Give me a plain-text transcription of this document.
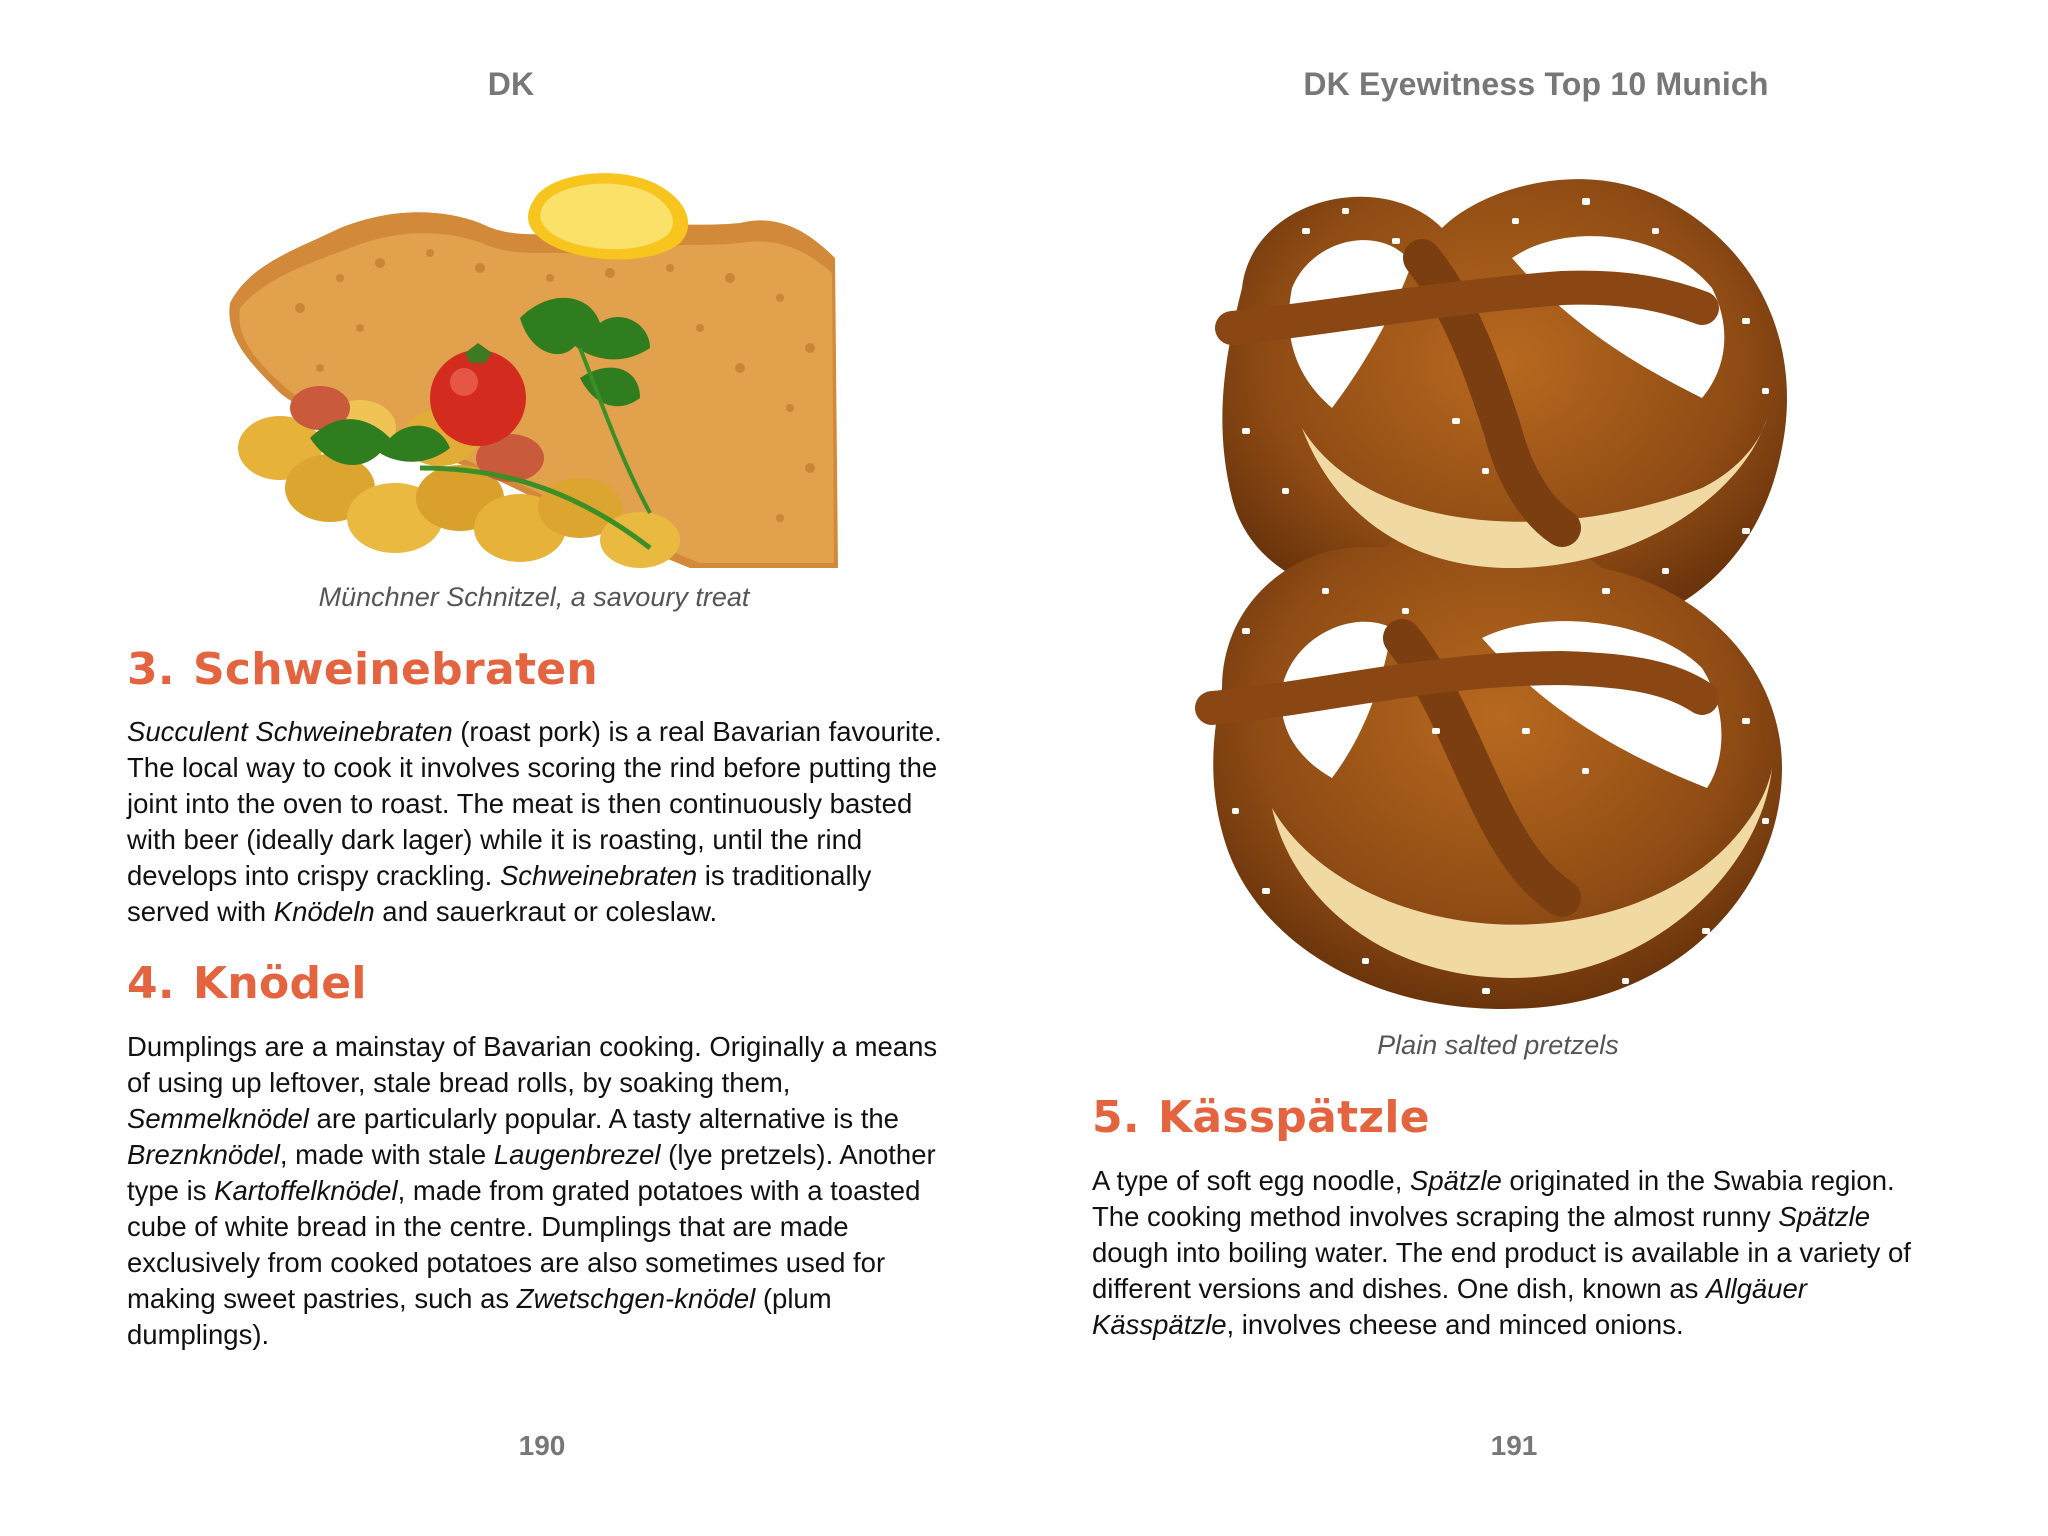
DK
Münchner Schnitzel, a savoury treat
3. Schweinebraten
Succulent Schweinebraten (roast pork) is a real Bavarian favourite.
The local way to cook it involves scoring the rind before putting the
joint into the oven to roast. The meat is then continuously basted
with beer (ideally dark lager) while it is roasting, until the rind
develops into crispy crackling. Schweinebraten is traditionally
served with Knödeln and sauerkraut or coleslaw.
4. Knödel
Dumplings are a mainstay of Bavarian cooking. Originally a means
of using up leftover, stale bread rolls, by soaking them,
Semmelknödel are particularly popular. A tasty alternative is the
Breznknödel, made with stale Laugenbrezel (lye pretzels). Another
type is Kartoffelknödel, made from grated potatoes with a toasted
cube of white bread in the centre. Dumplings that are made
exclusively from cooked potatoes are also sometimes used for
making sweet pastries, such as Zwetschgen-knödel (plum
dumplings).
190
DK Eyewitness Top 10 Munich
Plain salted pretzels
5. Kässpätzle
A type of soft egg noodle, Spätzle originated in the Swabia region.
The cooking method involves scraping the almost runny Spätzle
dough into boiling water. The end product is available in a variety of
different versions and dishes. One dish, known as Allgäuer
Kässpätzle, involves cheese and minced onions.
191
